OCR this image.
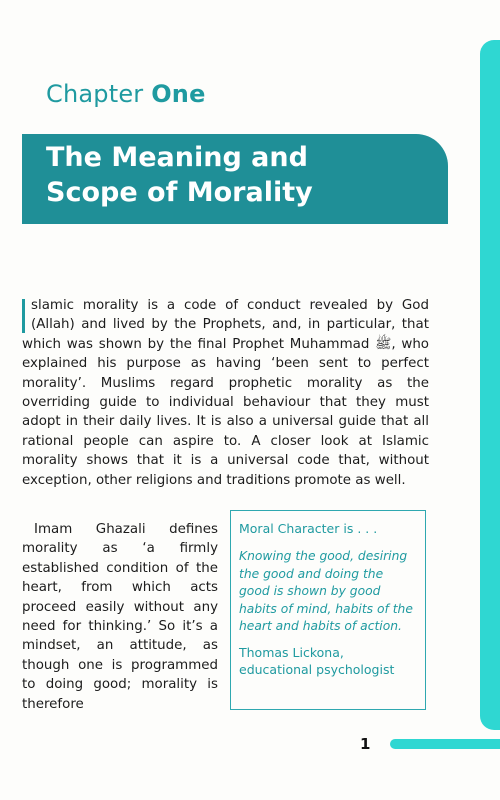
Chapter One
The Meaning and
Scope of Morality

slamic morality is a code of conduct revealed by God (Allah) and lived by the Prophets, and, in particular, that which was shown by the final Prophet Muhammad ﷺ, who explained his purpose as having ‘been sent to perfect morality’. Muslims regard prophetic morality as the overriding guide to individual behaviour that they must adopt in their daily lives. It is also a universal guide that all rational people can aspire to. A closer look at Islamic morality shows that it is a universal code that, without exception, other religions and traditions promote as well.

Imam Ghazali defines morality as ‘a firmly established condition of the heart, from which acts proceed easily without any need for thinking.’ So it’s a mindset, an attitude, as though one is programmed to doing good; morality is therefore

Moral Character is . . .

Knowing the good, desiring the good and doing the good is shown by good habits of mind, habits of the heart and habits of action.

Thomas Lickona, educational psychologist

1
